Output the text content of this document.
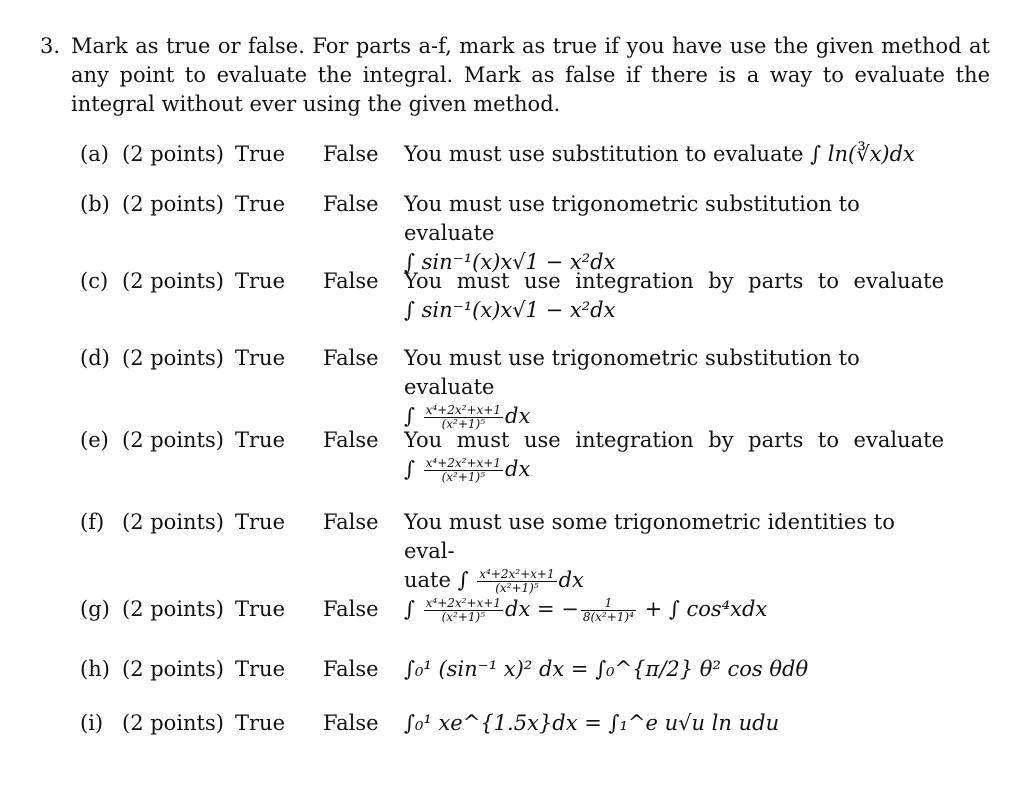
3. Mark as true or false. For parts a-f, mark as true if you have use the given method at any point to evaluate the integral. Mark as false if there is a way to evaluate the integral without ever using the given method.
(a) (2 points) True False You must use substitution to evaluate ∫ ln(∛x)dx
(b) (2 points) True False You must use trigonometric substitution to evaluate
∫ sin⁻¹(x)x√1 − x²dx
(c) (2 points) True False You must use integration by parts to evaluate
∫ sin⁻¹(x)x√1 − x²dx
(d) (2 points) True False You must use trigonometric substitution to evaluate
∫ $\frac{\text{x⁴+2x²+x+1}}{\text{(x²+1)⁵}}$ dx
(e) (2 points) True False You must use integration by parts to evaluate
∫ $\frac{\text{x⁴+2x²+x+1}}{\text{(x²+1)⁵}}$ dx
(f) (2 points) True False You must use some trigonometric identities to eval-
uate ∫ $\frac{\text{x⁴+2x²+x+1}}{\text{(x²+1)⁵}}$ dx
(g) (2 points) True False ∫ $\frac{\text{x⁴+2x²+x+1}}{\text{(x²+1)⁵}}$ dx = − $\frac{1}{\text{8(x²+1)⁴}}$ + ∫ cos⁴xdx
(h) (2 points) True False ∫₀¹ (sin⁻¹ x)² dx = ∫₀^{π/2} θ² cos θdθ
(i) (2 points) True False ∫₀¹ xe^{1.5x}dx = ∫₁^e u√u ln udu
